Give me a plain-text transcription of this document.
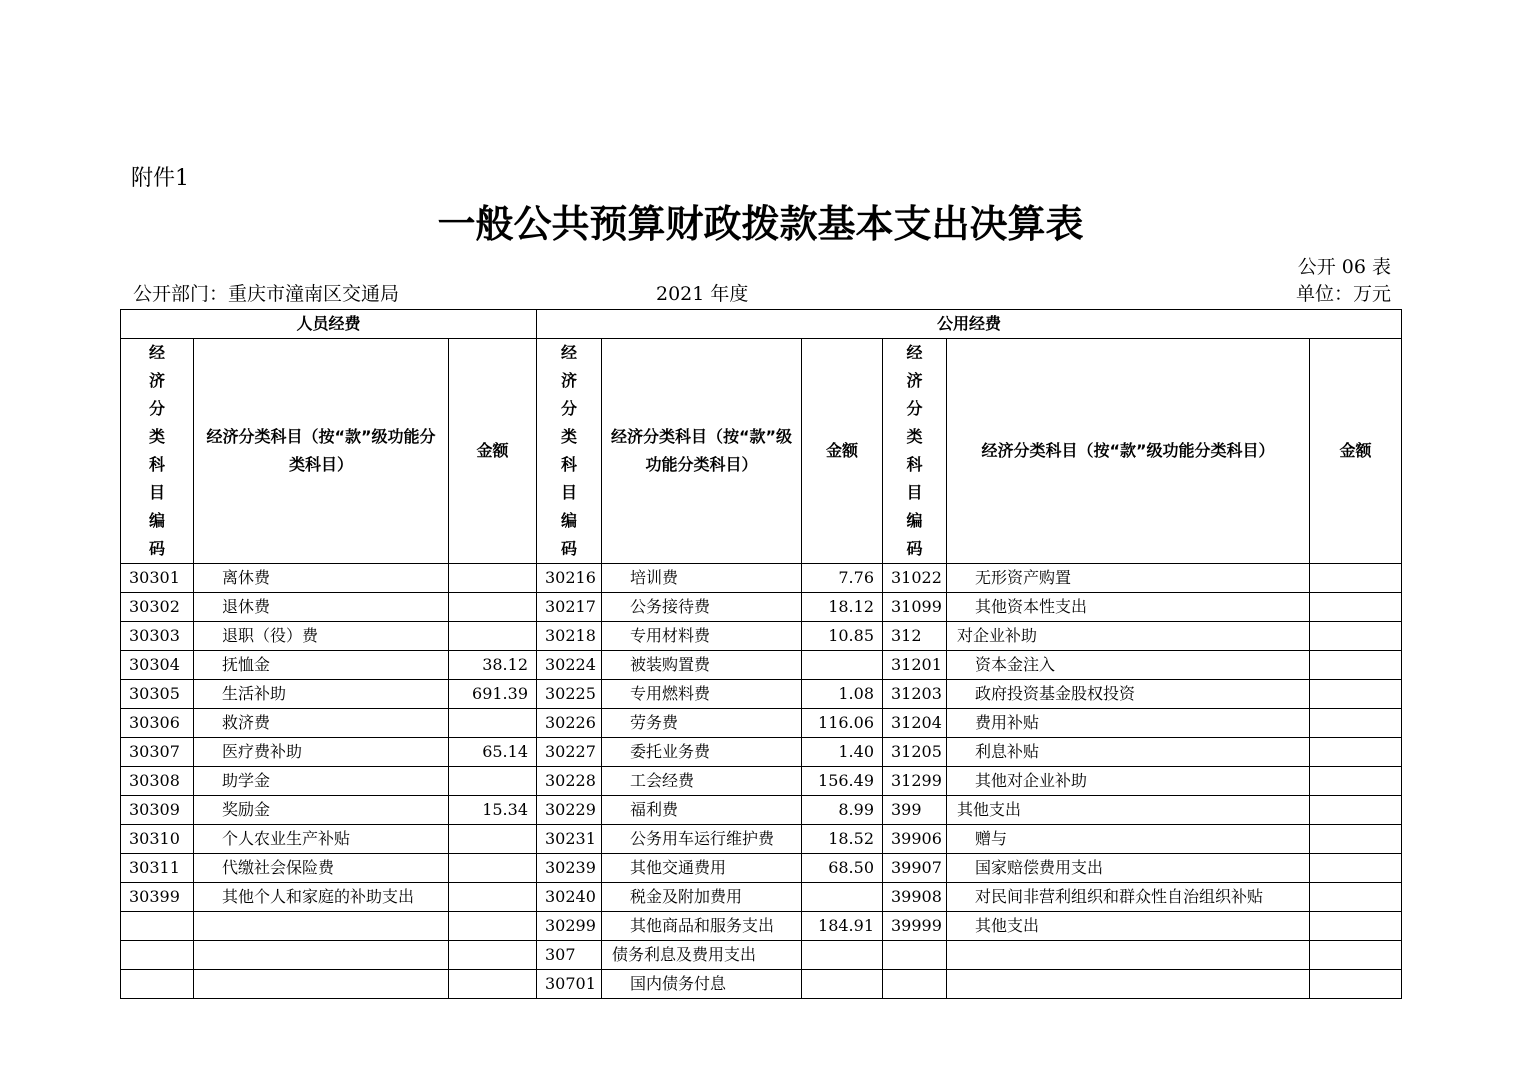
附件1
一般公共预算财政拨款基本支出决算表
公开 06 表
公开部门：重庆市潼南区交通局	2021 年度	单位：万元
人员经费			公用经费					

经济分类科目编码	经济分类科目（按“款”级功能分类科目）	金额	经济分类科目编码	经济分类科目（按“款”级功能分类科目）	金额	经济分类科目编码	经济分类科目（按“款”级功能分类科目）	金额
30301	离休费		30216	培训费	7.76	31022	无形资产购置	
30302	退休费		30217	公务接待费	18.12	31099	其他资本性支出	
30303	退职（役）费		30218	专用材料费	10.85	312	对企业补助	
30304	抚恤金	38.12	30224	被装购置费		31201	资本金注入	
30305	生活补助	691.39	30225	专用燃料费	1.08	31203	政府投资基金股权投资	
30306	救济费		30226	劳务费	116.06	31204	费用补贴	
30307	医疗费补助	65.14	30227	委托业务费	1.40	31205	利息补贴	
30308	助学金		30228	工会经费	156.49	31299	其他对企业补助	
30309	奖励金	15.34	30229	福利费	8.99	399	其他支出	
30310	个人农业生产补贴		30231	公务用车运行维护费	18.52	39906	赠与	
30311	代缴社会保险费		30239	其他交通费用	68.50	39907	国家赔偿费用支出	
30399	其他个人和家庭的补助支出		30240	税金及附加费用		39908	对民间非营利组织和群众性自治组织补贴	
			30299	其他商品和服务支出	184.91	39999	其他支出	
			307	债务利息及费用支出				
			30701	国内债务付息				
